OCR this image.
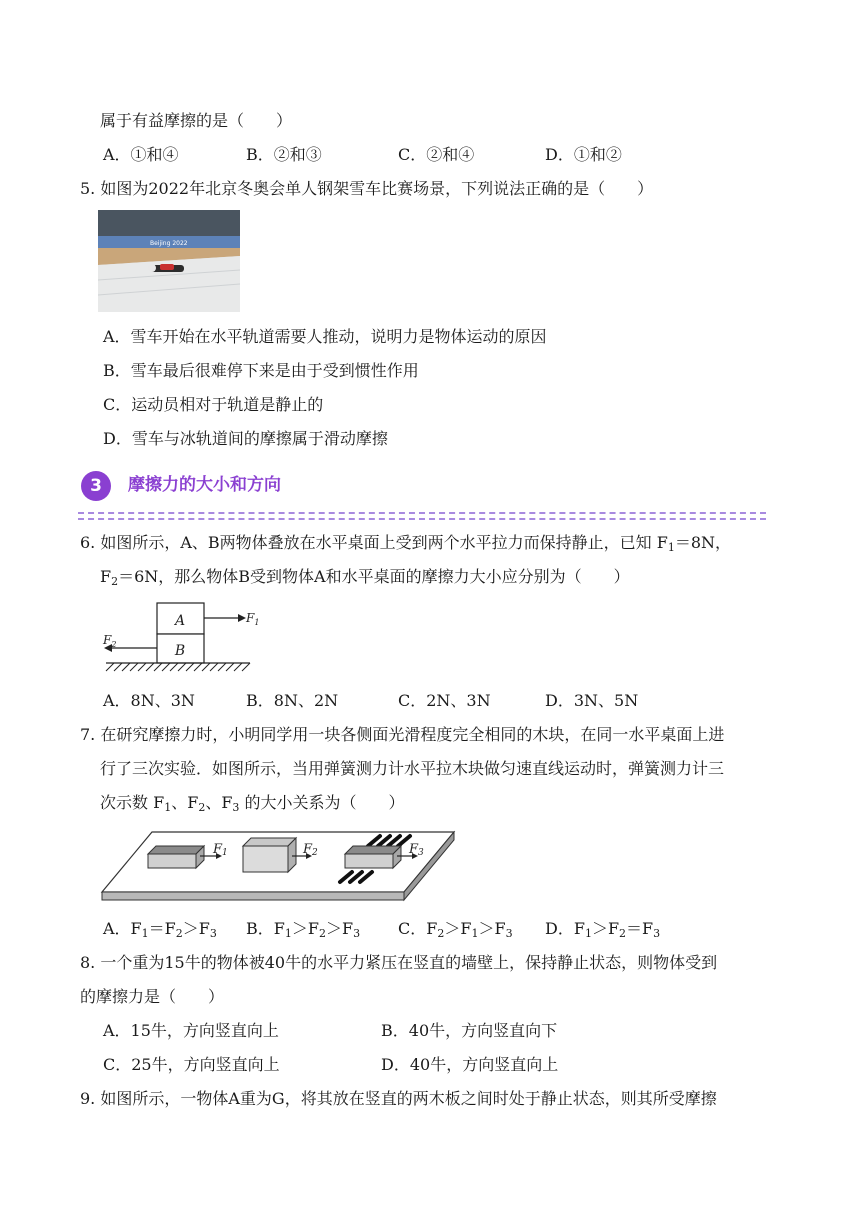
属于有益摩擦的是（　　）
A．①和④	B．②和③	C．②和④	D．①和②
5. 如图为2022年北京冬奥会单人钢架雪车比赛场景，下列说法正确的是（　　）
Beijing 2022
A．雪车开始在水平轨道需要人推动，说明力是物体运动的原因
B．雪车最后很难停下来是由于受到惯性作用
C．运动员相对于轨道是静止的
D．雪车与冰轨道间的摩擦属于滑动摩擦
3	摩擦力的大小和方向
6. 如图所示，A、B两物体叠放在水平桌面上受到两个水平拉力而保持静止，已知 $F_1=8N$，
$F_2=6N$，那么物体B受到物体A和水平桌面的摩擦力大小应分别为（　　）
A
B
$F_1$
$F_2$
A．8N、3N	B．8N、2N	C．2N、3N	D．3N、5N
7. 在研究摩擦力时，小明同学用一块各侧面光滑程度完全相同的木块，在同一水平桌面上进
行了三次实验．如图所示，当用弹簧测力计水平拉木块做匀速直线运动时，弹簧测力计三
次示数 $F_1$、$F_2$、$F_3$ 的大小关系为（　　）
F1	F2	F3
A．$F_1=F_2>F_3$ B．$F_1>F_2>F_3$ C．$F_2>F_1>F_3$ D．$F_1>F_2=F_3$
8. 一个重为15牛的物体被40牛的水平力紧压在竖直的墙壁上，保持静止状态，则物体受到
的摩擦力是（　　）
A．15牛，方向竖直向上	B．40牛，方向竖直向下
C．25牛，方向竖直向上	D．40牛，方向竖直向上
9. 如图所示，一物体A重为G，将其放在竖直的两木板之间时处于静止状态，则其所受摩擦
